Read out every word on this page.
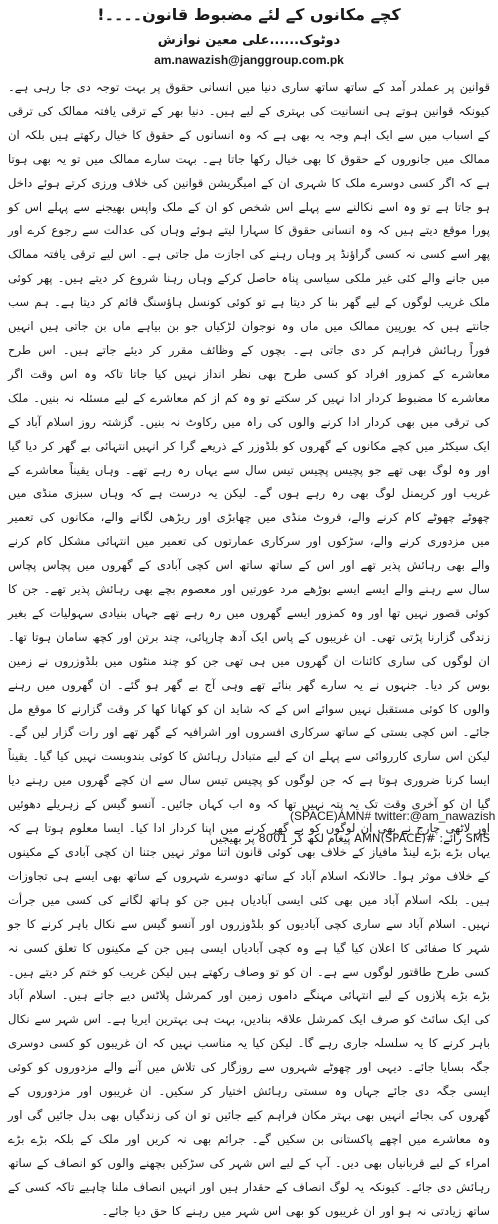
کچے مکانوں کے لئے مضبوط قانون۔۔۔۔!
دوٹوک......علی معین نوازش
am.nawazish@janggroup.com.pk

قوانین پر عملدر آمد کے ساتھ ساتھ ساری دنیا میں انسانی حقوق پر بہت توجہ دی جا رہی ہے۔ کیونکہ قوانین ہوتے ہی انسانیت کی بہتری کے لیے ہیں۔ دنیا بھر کے ترقی یافتہ ممالک کی ترقی کے اسباب میں سے ایک اہم وجہ یہ بھی ہے کہ وہ انسانوں کے حقوق کا خیال رکھتے ہیں بلکہ ان ممالک میں جانوروں کے حقوق کا بھی خیال رکھا جاتا ہے۔ بہت سارے ممالک میں تو یہ بھی ہوتا ہے کہ اگر کسی دوسرے ملک کا شہری ان کے امیگریشن قوانین کی خلاف ورزی کرتے ہوئے داخل ہو جاتا ہے تو وہ اسے نکالنے سے پہلے اس شخص کو ان کے ملک واپس بھیجنے سے پہلے اس کو پورا موقع دیتے ہیں کہ وہ انسانی حقوق کا سہارا لیتے ہوئے وہاں کی عدالت سے رجوع کرے اور پھر اسے کسی نہ کسی گراؤنڈ پر وہاں رہنے کی اجازت مل جاتی ہے۔ اس لیے ترقی یافتہ ممالک میں جانے والے کئی غیر ملکی سیاسی پناہ حاصل کرکے وہاں رہنا شروع کر دیتے ہیں۔ پھر کوئی ملک غریب لوگوں کے لیے گھر بنا کر دیتا ہے تو کوئی کونسل ہاؤسنگ قائم کر دیتا ہے۔ ہم سب جانتے ہیں کہ یورپین ممالک میں ماں وہ نوجوان لڑکیاں جو بن بیاہے ماں بن جاتی ہیں انہیں فوراً رہائش فراہم کر دی جاتی ہے۔ بچوں کے وظائف مقرر کر دیئے جاتے ہیں۔ اس طرح معاشرے کے کمزور افراد کو کسی طرح بھی نظر انداز نہیں کیا جاتا تاکہ وہ اس وقت اگر معاشرے کا مضبوط کردار ادا نہیں کر سکتے تو وہ کم از کم معاشرے کے لیے مسئلہ نہ بنیں۔ ملک کی ترقی میں بھی کردار ادا کرنے والوں کی راہ میں رکاوٹ نہ بنیں۔ گزشتہ روز اسلام آباد کے ایک سیکٹر میں کچے مکانوں کے گھروں کو بلڈوزر کے ذریعے گرا کر انہیں انتہائی بے گھر کر دیا گیا اور وہ لوگ بھی تھے جو پچیس پچیس تیس سال سے یہاں رہ رہے تھے۔ وہاں یقیناً معاشرے کے غریب اور کریمنل لوگ بھی رہ رہے ہوں گے۔ لیکن یہ درست ہے کہ وہاں سبزی منڈی میں چھوٹے چھوٹے کام کرنے والے، فروٹ منڈی میں چھابڑی اور ریڑھی لگانے والے، مکانوں کی تعمیر میں مزدوری کرنے والے، سڑکوں اور سرکاری عمارتوں کی تعمیر میں انتہائی مشکل کام کرنے والے بھی رہائش پذیر تھے اور اس کے ساتھ ساتھ اس کچی آبادی کے گھروں میں پچاس پچاس سال سے رہنے والے ایسے ایسے بوڑھے مرد عورتیں اور معصوم بچے بھی رہائش پذیر تھے۔ جن کا کوئی قصور نہیں تھا اور وہ کمزور ایسے گھروں میں رہ رہے تھے جہاں بنیادی سہولیات کے بغیر زندگی گزارنا پڑتی تھی۔ ان غریبوں کے پاس ایک آدھ چارپائی، چند برتن اور کچھ سامان ہوتا تھا۔ ان لوگوں کی ساری کائنات ان گھروں میں ہی تھی جن کو چند منٹوں میں بلڈوزروں نے زمین بوس کر دیا۔ جنہوں نے یہ سارے گھر بنائے تھے وہی آج بے گھر ہو گئے۔ ان گھروں میں رہنے والوں کا کوئی مستقبل نہیں سوائے اس کے کہ شاید ان کو کھانا کھا کر وقت گزارنے کا موقع مل جائے۔ اس کچی بستی کے ساتھ سرکاری افسروں اور اشرافیہ کے گھر تھے اور رات گزار لیں گے۔ لیکن اس ساری کارروائی سے پہلے ان کے لیے متبادل رہائش کا کوئی بندوبست نہیں کیا گیا۔ یقیناً ایسا کرنا ضروری ہوتا ہے کہ جن لوگوں کو پچیس تیس سال سے ان کچے گھروں میں رہنے دیا گیا ان کو آخری وقت تک یہ پتہ نہیں تھا کہ وہ اب کہاں جائیں۔ آنسو گیس کے زہریلے دھوئیں اور لاٹھی چارج نے بھی ان لوگوں کو بے گھر کرنے میں اپنا کردار ادا کیا۔ ایسا معلوم ہوتا ہے کہ یہاں بڑے بڑے لینڈ مافیاز کے خلاف بھی کوئی قانون اتنا موثر نہیں جتنا ان کچی آبادی کے مکینوں کے خلاف موثر ہوا۔ حالانکہ اسلام آباد کے ساتھ دوسرے شہروں کے ساتھ بھی ایسے ہی تجاوزات ہیں۔ بلکہ اسلام آباد میں بھی کئی ایسی آبادیاں ہیں جن کو ہاتھ لگانے کی کسی میں جرأت نہیں۔ اسلام آباد سے ساری کچی آبادیوں کو بلڈوزروں اور آنسو گیس سے نکال باہر کرنے کا جو شہر کا صفائی کا اعلان کیا گیا ہے وہ کچی آبادیاں ایسی ہیں جن کے مکینوں کا تعلق کسی نہ کسی طرح طاقتور لوگوں سے ہے۔ ان کو تو وصاف رکھتے ہیں لیکن غریب کو ختم کر دیتے ہیں۔ بڑے بڑے پلازوں کے لیے انتہائی مہنگے داموں زمین اور کمرشل پلاٹس دیے جاتے ہیں۔ اسلام آباد کی ایک سائٹ کو صرف ایک کمرشل علاقہ بنادیں، بہت ہی بہترین ایریا ہے۔ اس شہر سے نکال باہر کرنے کا یہ سلسلہ جاری رہے گا۔ لیکن کیا یہ مناسب نہیں کہ ان غریبوں کو کسی دوسری جگہ بسایا جائے۔ دیہی اور چھوٹے شہروں سے روزگار کی تلاش میں آنے والے مزدوروں کو کوئی ایسی جگہ دی جائے جہاں وہ سستی رہائش اختیار کر سکیں۔ ان غریبوں اور مزدوروں کے گھروں کی بجائے انہیں بھی بہتر مکان فراہم کیے جائیں تو ان کی زندگیاں بھی بدل جائیں گی اور وہ معاشرے میں اچھے پاکستانی بن سکیں گے۔ جرائم بھی نہ کریں اور ملک کے بلکہ بڑے بڑے امراء کے لیے قربانیاں بھی دیں۔ آپ کے لیے اس شہر کی سڑکیں بچھنے والوں کو انصاف کے ساتھ رہائش دی جائے۔ کیونکہ یہ لوگ انصاف کے حقدار ہیں اور انہیں انصاف ملنا چاہیے تاکہ کسی کے ساتھ زیادتی نہ ہو اور ان غریبوں کو بھی اس شہر میں رہنے کا حق دیا جائے۔

(SPACE)AMN# twitter:@am_nawazish
SMS رائے: #AMN(SPACE) پیغام لکھ کر 8001 پر بھیجیں
